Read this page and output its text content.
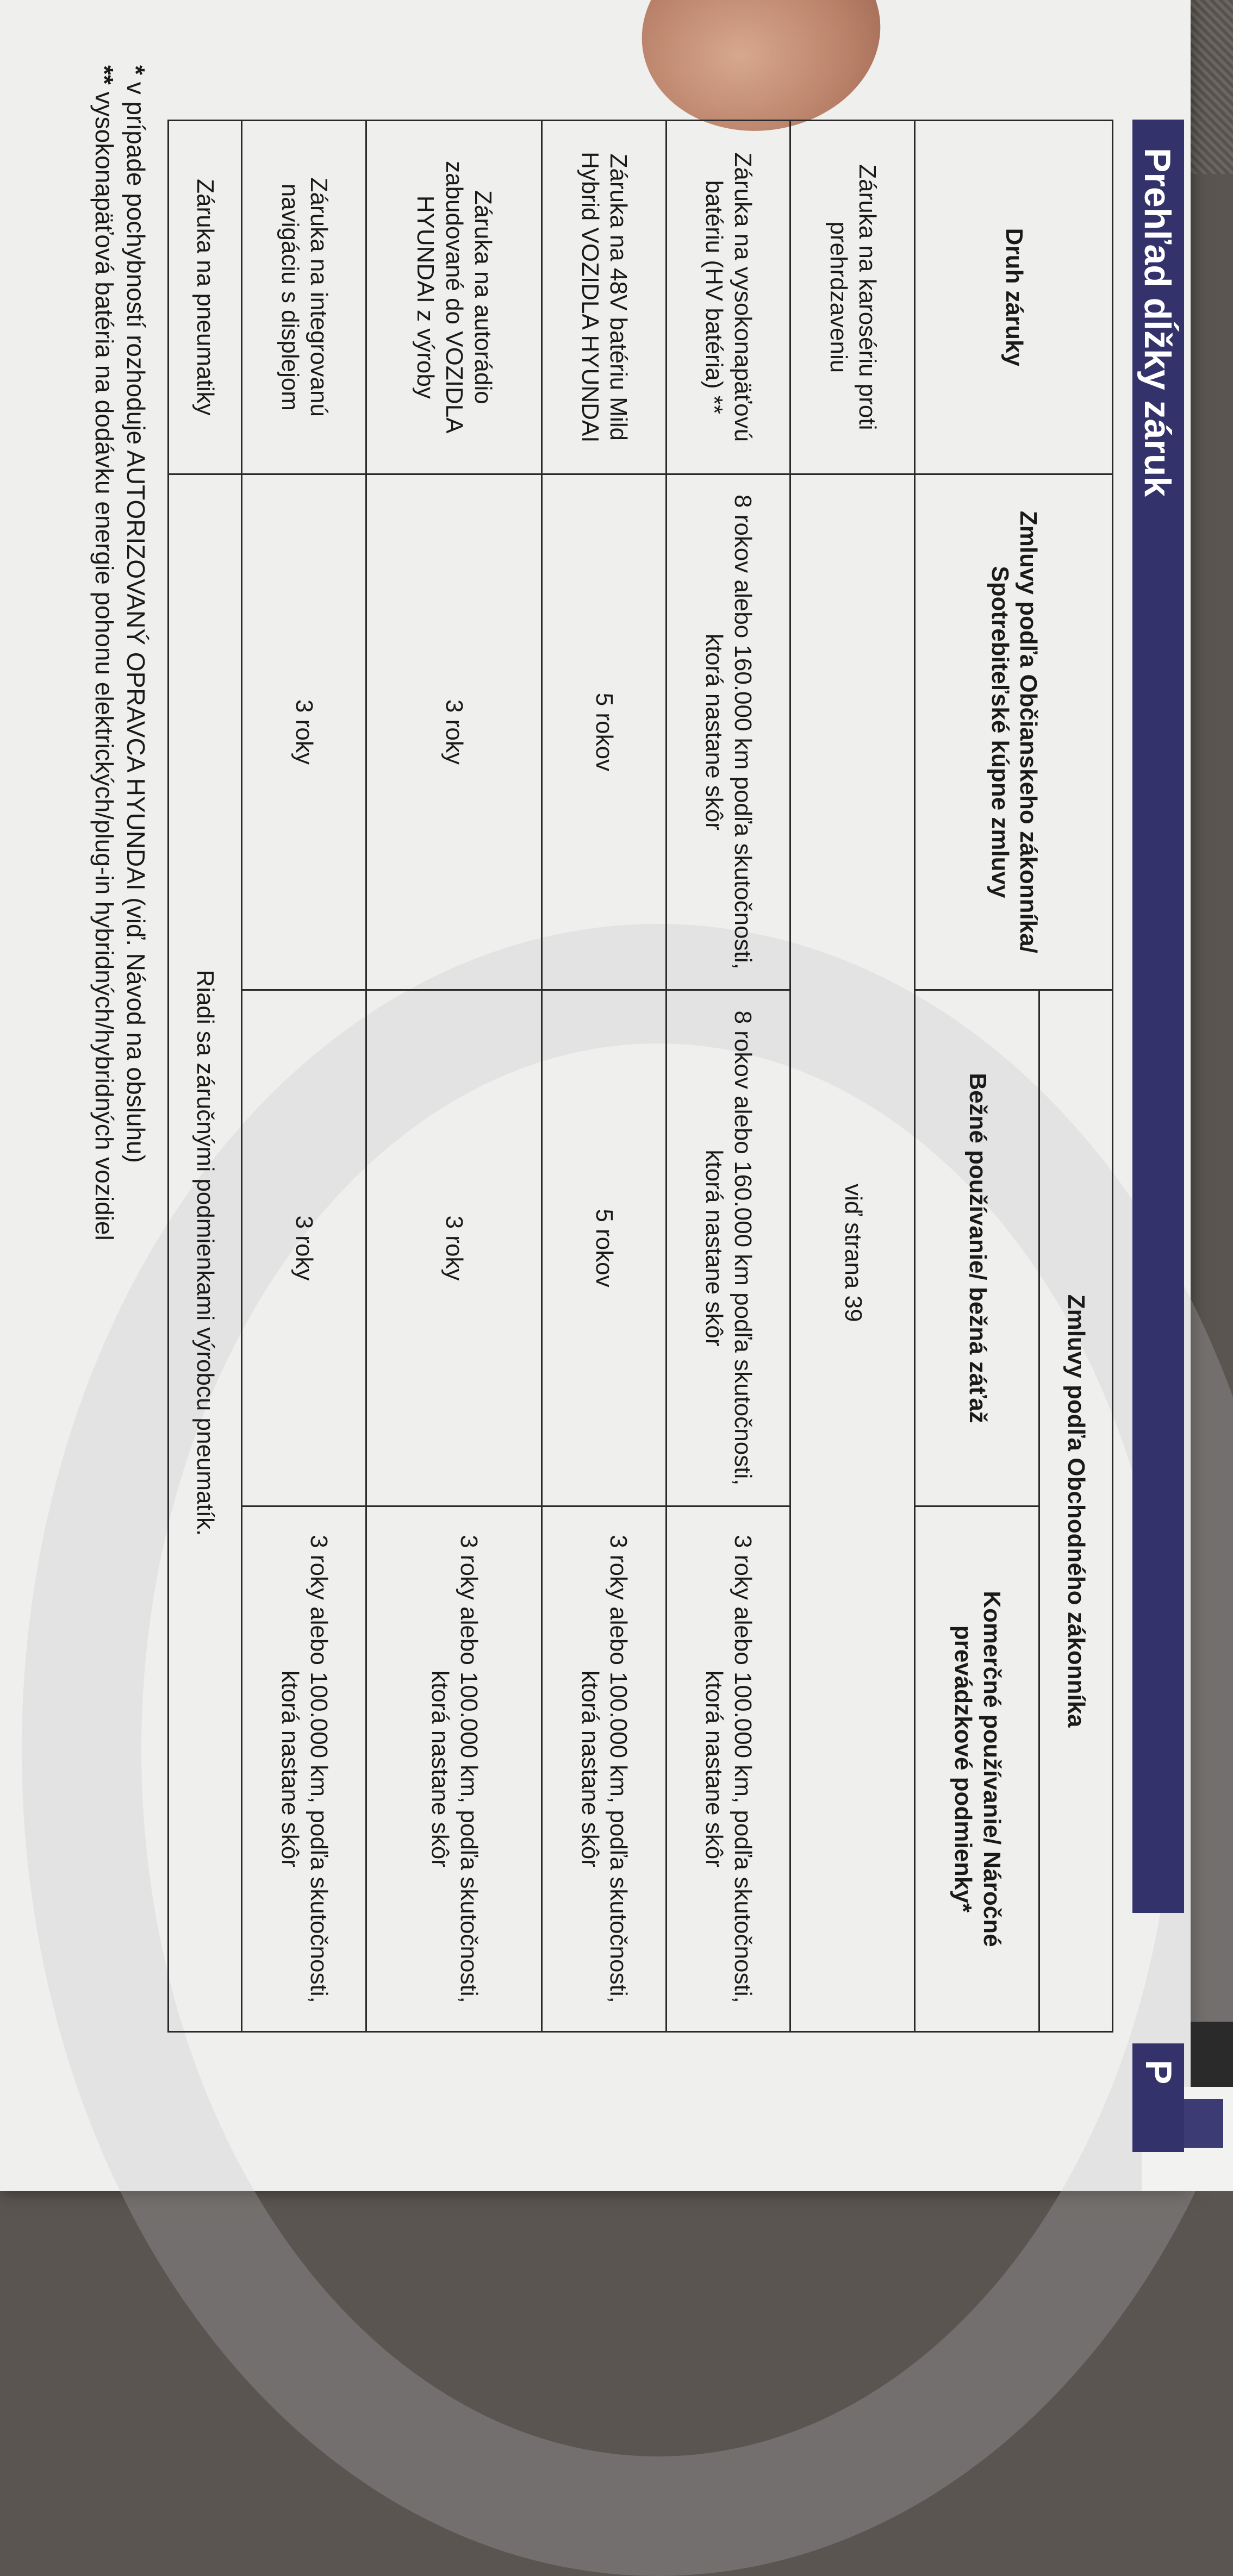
Prehľad dĺžky záruk
P
Druh záruky	Zmluvy podľa Občianskeho zákonníka/ Spotrebiteľské kúpne zmluvy	Zmluvy podľa Obchodného zákonníka	
		Bežné používanie/ bežná záťaž	Komerčné používanie/ Náročné prevádzkové podmienky*
Záruka na karosériu proti prehrdzaveniu	viď strana 39		
Záruka na vysokonapäťovú batériu (HV batéria) **	8 rokov alebo 160.000 km podľa skutočnosti, ktorá nastane skôr	8 rokov alebo 160.000 km podľa skutočnosti, ktorá nastane skôr	3 roky alebo 100.000 km, podľa skutočnosti, ktorá nastane skôr
Záruka na 48V batériu Mild Hybrid VOZIDLA HYUNDAI	5 rokov	5 rokov	3 roky alebo 100.000 km, podľa skutočnosti, ktorá nastane skôr
Záruka na autorádio zabudované do VOZIDLA HYUNDAI z výroby	3 roky	3 roky	3 roky alebo 100.000 km, podľa skutočnosti, ktorá nastane skôr
Záruka na integrovanú navigáciu s displejom	3 roky	3 roky	3 roky alebo 100.000 km, podľa skutočnosti, ktorá nastane skôr
Záruka na pneumatiky	Riadi sa záručnými podmienkami výrobcu pneumatík.		

* v prípade pochybností rozhoduje AUTORIZOVANÝ OPRAVCA HYUNDAI (viď. Návod na obsluhu)

** vysokonapäťová batéria na dodávku energie pohonu elektrických/plug-in hybridných/hybridných vozidiel
